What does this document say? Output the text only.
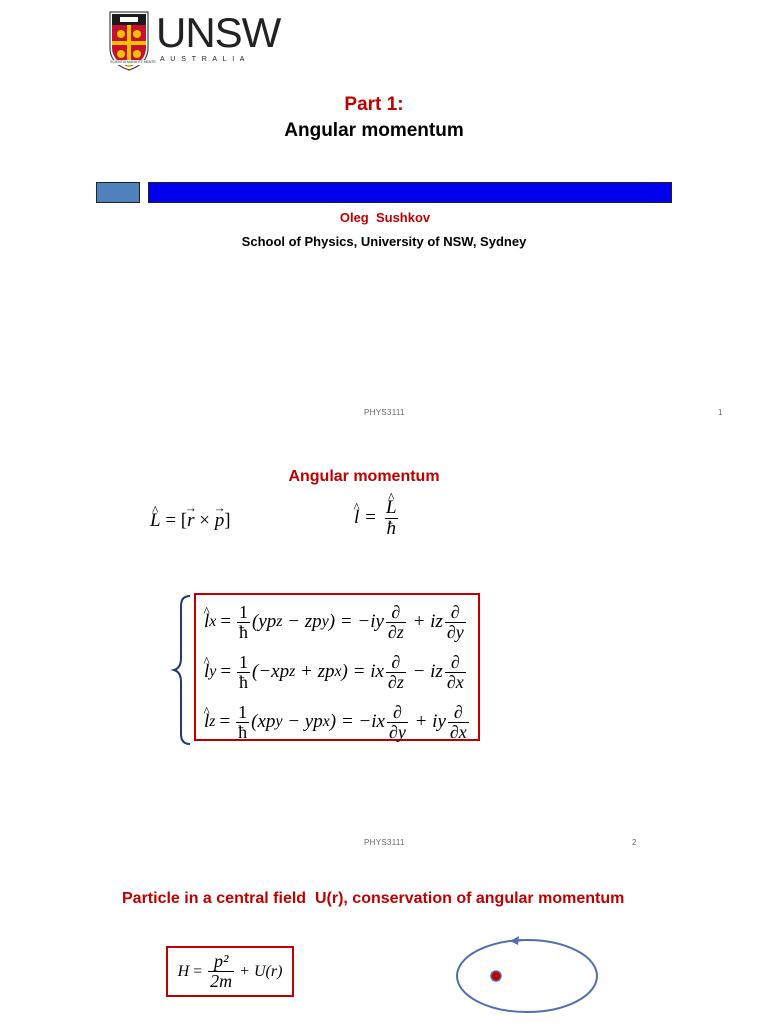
SCIENTIA MANU ET MENTE
UNSW
A U S T R A L I A
Part 1:
Angular momentum
Oleg  Sushkov
School of Physics, University of NSW, Sydney
PHYS3111	1
Angular momentum
^ L = [r → × p →]	^ l = ^ $\frac{L}{ħ}$
^ l $x = \frac{1}{ħ} (yp$ z − zp y ) = $-iy \frac{\partial}{\partial z}$ + iz $\frac{\partial}{\partial y}$
^ l $y = \frac{1}{ħ} (-xp$ z + zp x ) = ix $\frac{\partial}{\partial z}$ − iz $\frac{\partial}{\partial x}$
^ l $z = \frac{1}{ħ} (xp$ y − yp x ) = $-ix \frac{\partial}{\partial y}$ + iy $\frac{\partial}{\partial x}$
PHYS3111	2
Particle in a central field  U(r), conservation of angular momentum
$H = \frac{\text{p²}}{2m} + U(r)$
